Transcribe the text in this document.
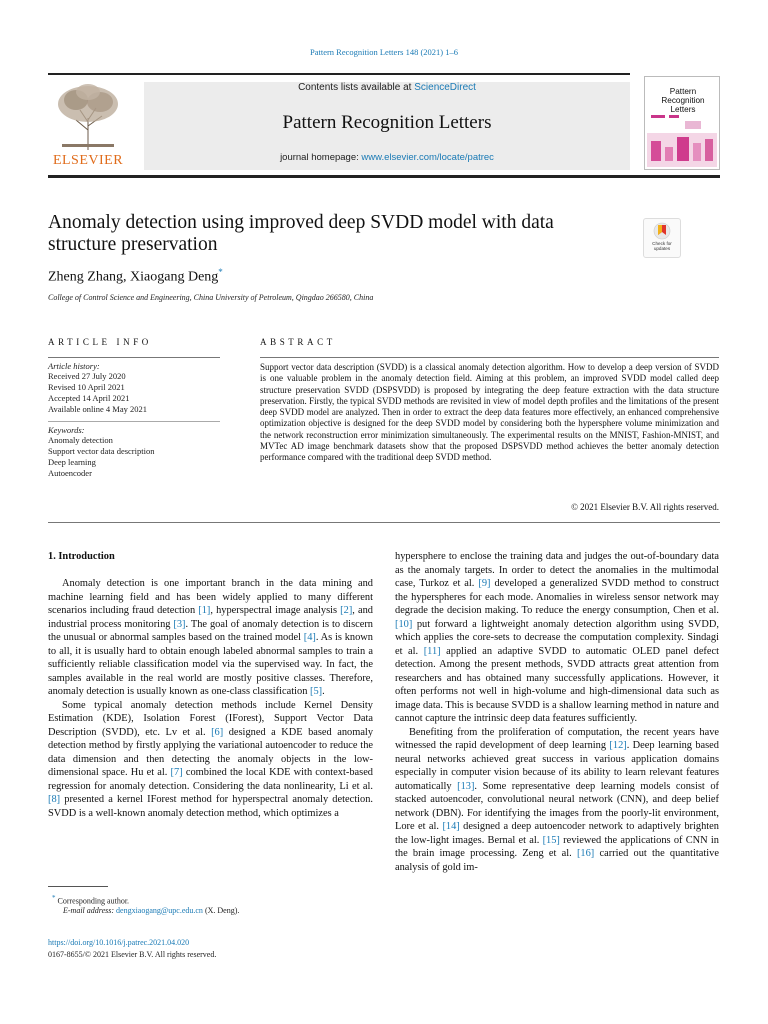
Pattern Recognition Letters 148 (2021) 1–6
ELSEVIER
Contents lists available at ScienceDirect
Pattern Recognition Letters
journal homepage: www.elsevier.com/locate/patrec
Pattern Recognition Letters
Anomaly detection using improved deep SVDD model with data structure preservation	Check for updates
Zheng Zhang, Xiaogang Deng*
College of Control Science and Engineering, China University of Petroleum, Qingdao 266580, China
ARTICLE INFO
Article history:
Received 27 July 2020
Revised 10 April 2021
Accepted 14 April 2021
Available online 4 May 2021
Keywords:
Anomaly detection
Support vector data description
Deep learning
Autoencoder
ABSTRACT
Support vector data description (SVDD) is a classical anomaly detection algorithm. How to develop a deep version of SVDD is one valuable problem in the anomaly detection field. Aiming at this problem, an improved SVDD model called deep structure preservation SVDD (DSPSVDD) is proposed by integrating the deep feature extraction with the data structure preservation. Firstly, the typical SVDD methods are revisited in view of model depth profiles and the limitations of the present deep SVDD model are analyzed. Then in order to extract the deep data features more effectively, an enhanced comprehensive optimization objective is designed for the deep SVDD model by considering both the hypersphere volume minimization and the network reconstruction error minimization simultaneously. The experimental results on the MNIST, Fashion-MNIST, and MVTec AD image benchmark datasets show that the proposed DSPSVDD method achieves the better anomaly detection performance compared with the traditional deep SVDD method.
© 2021 Elsevier B.V. All rights reserved.
1. Introduction

Anomaly detection is one important branch in the data mining and machine learning field and has been widely applied to many different scenarios including fraud detection [1], hyperspectral image analysis [2], and industrial process monitoring [3]. The goal of anomaly detection is to discern the unusual or abnormal samples based on the trained model [4]. As is known to all, it is usually hard to obtain enough labeled abnormal samples to train a sufficiently reliable classification model via the supervised way. In fact, the samples available in the real world are mostly positive classes. Therefore, anomaly detection is usually known as one-class classification [5].

Some typical anomaly detection methods include Kernel Density Estimation (KDE), Isolation Forest (IForest), Support Vector Data Description (SVDD), etc. Lv et al. [6] designed a KDE based anomaly detection method by firstly applying the variational autoencoder to reduce the data dimension and then detecting the anomaly objects in the low-dimensional space. Hu et al. [7] combined the local KDE with context-based regression for anomaly detection. Considering the data nonlinearity, Li et al. [8] presented a kernel IForest method for hyperspectral anomaly detection. SVDD is a well-known anomaly detection method, which optimizes a

hypersphere to enclose the training data and judges the out-of-boundary data as the anomaly targets. In order to detect the anomalies in the multimodal case, Turkoz et al. [9] developed a generalized SVDD method to construct the hyperspheres for each mode. Anomalies in wireless sensor network may degrade the decision making. To reduce the energy consumption, Chen et al. [10] put forward a lightweight anomaly detection algorithm using SVDD, which applies the core-sets to decrease the computation complexity. Sindagi et al. [11] applied an adaptive SVDD to automatic OLED panel defect detection. Among the present methods, SVDD attracts great attention from researchers and has obtained many successfully applications. However, it often performs not well in high-volume and high-dimensional data such as image data. This is because SVDD is a shallow learning method in nature and cannot capture the intrinsic deep data features sufficiently.

Benefiting from the proliferation of computation, the recent years have witnessed the rapid development of deep learning [12]. Deep learning based neural networks achieved great success in various application domains especially in computer vision because of its ability to learn relevant features automatically [13]. Some representative deep learning models consist of stacked autoencoder, convolutional neural network (CNN), and deep belief network (DBN). For identifying the images from the poorly-lit environment, Lore et al. [14] designed a deep autoencoder network to adaptively brighten the low-light images. Bernal et al. [15] reviewed the applications of CNN in the brain image processing. Zeng et al. [16] carried out the quantitative analysis of gold im-

* Corresponding author.
E-mail address: dengxiaogang@upc.edu.cn (X. Deng).
https://doi.org/10.1016/j.patrec.2021.04.020
0167-8655/© 2021 Elsevier B.V. All rights reserved.
